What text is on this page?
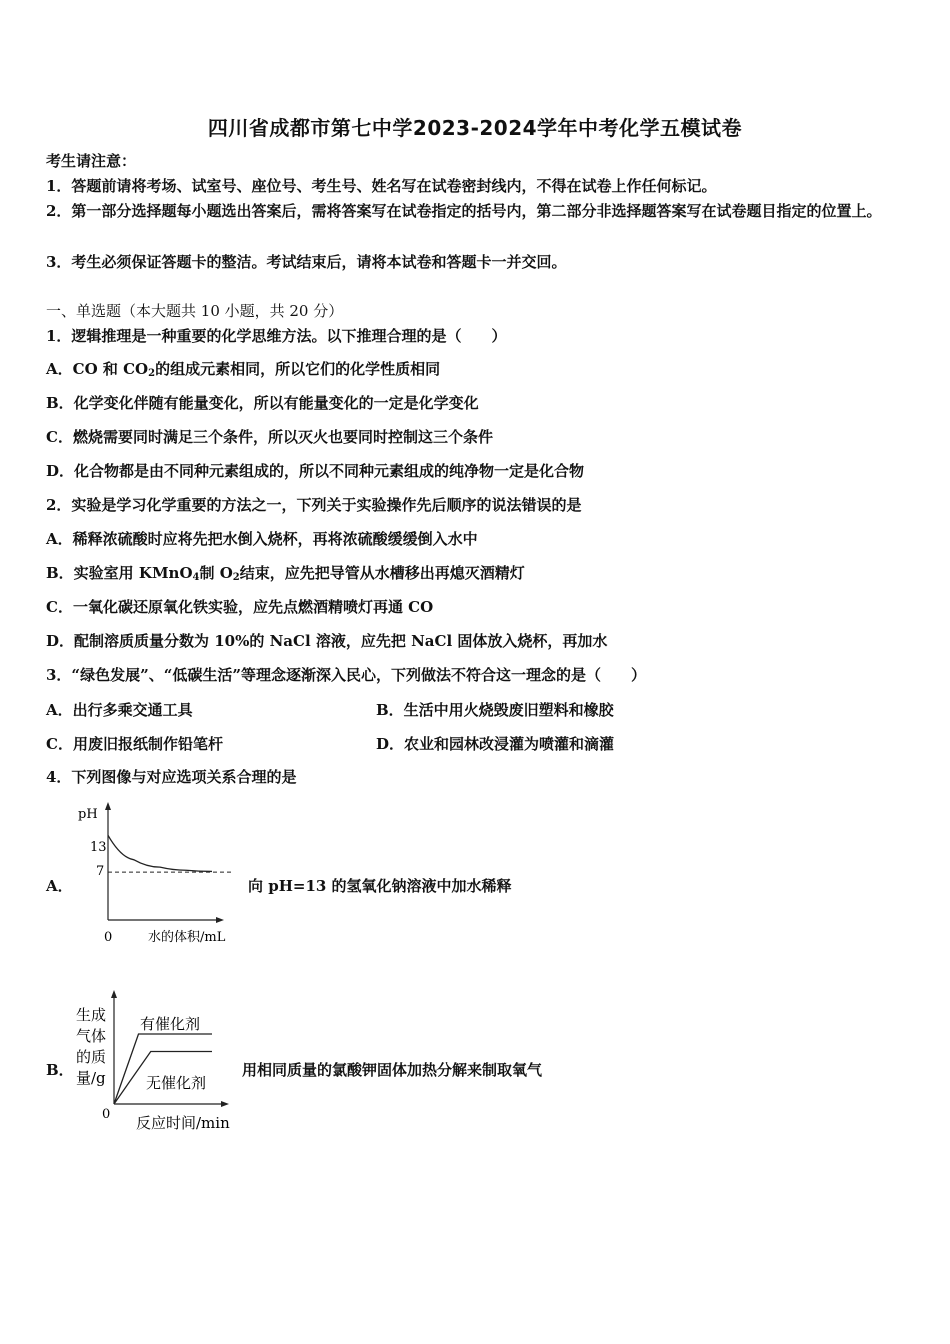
四川省成都市第七中学2023-2024学年中考化学五模试卷
考生请注意：
1．答题前请将考场、试室号、座位号、考生号、姓名写在试卷密封线内，不得在试卷上作任何标记。
2．第一部分选择题每小题选出答案后，需将答案写在试卷指定的括号内，第二部分非选择题答案写在试卷题目指定的位置上。
3．考生必须保证答题卡的整洁。考试结束后，请将本试卷和答题卡一并交回。
一、单选题（本大题共 10 小题，共 20 分）
1．逻辑推理是一种重要的化学思维方法。以下推理合理的是（　　）
A．CO 和 $CO_2$的组成元素相同，所以它们的化学性质相同
B．化学变化伴随有能量变化，所以有能量变化的一定是化学变化
C．燃烧需要同时满足三个条件，所以灭火也要同时控制这三个条件
D．化合物都是由不同种元素组成的，所以不同种元素组成的纯净物一定是化合物
2．实验是学习化学重要的方法之一，下列关于实验操作先后顺序的说法错误的是
A．稀释浓硫酸时应将先把水倒入烧杯，再将浓硫酸缓缓倒入水中
B．实验室用 KMnO$_4$制 $O_2$结束，应先把导管从水槽移出再熄灭酒精灯
C．一氧化碳还原氧化铁实验，应先点燃酒精喷灯再通 CO
D．配制溶质质量分数为 10%的 NaCl 溶液，应先把 NaCl 固体放入烧杯，再加水
3．“绿色发展”、“低碳生活”等理念逐渐深入民心，下列做法不符合这一理念的是（　　）
A．出行多乘交通工具	B．生活中用火烧毁废旧塑料和橡胶
C．用废旧报纸制作铅笔杆	D．农业和园林改浸灌为喷灌和滴灌
4．下列图像与对应选项关系合理的是
A．
pH
13
7
0	水的体积/mL
向 pH=13 的氢氧化钠溶液中加水稀释
B．
生成
气体
的质
量/g
有催化剂
无催化剂
0 反应时间/min
用相同质量的氯酸钾固体加热分解来制取氧气
